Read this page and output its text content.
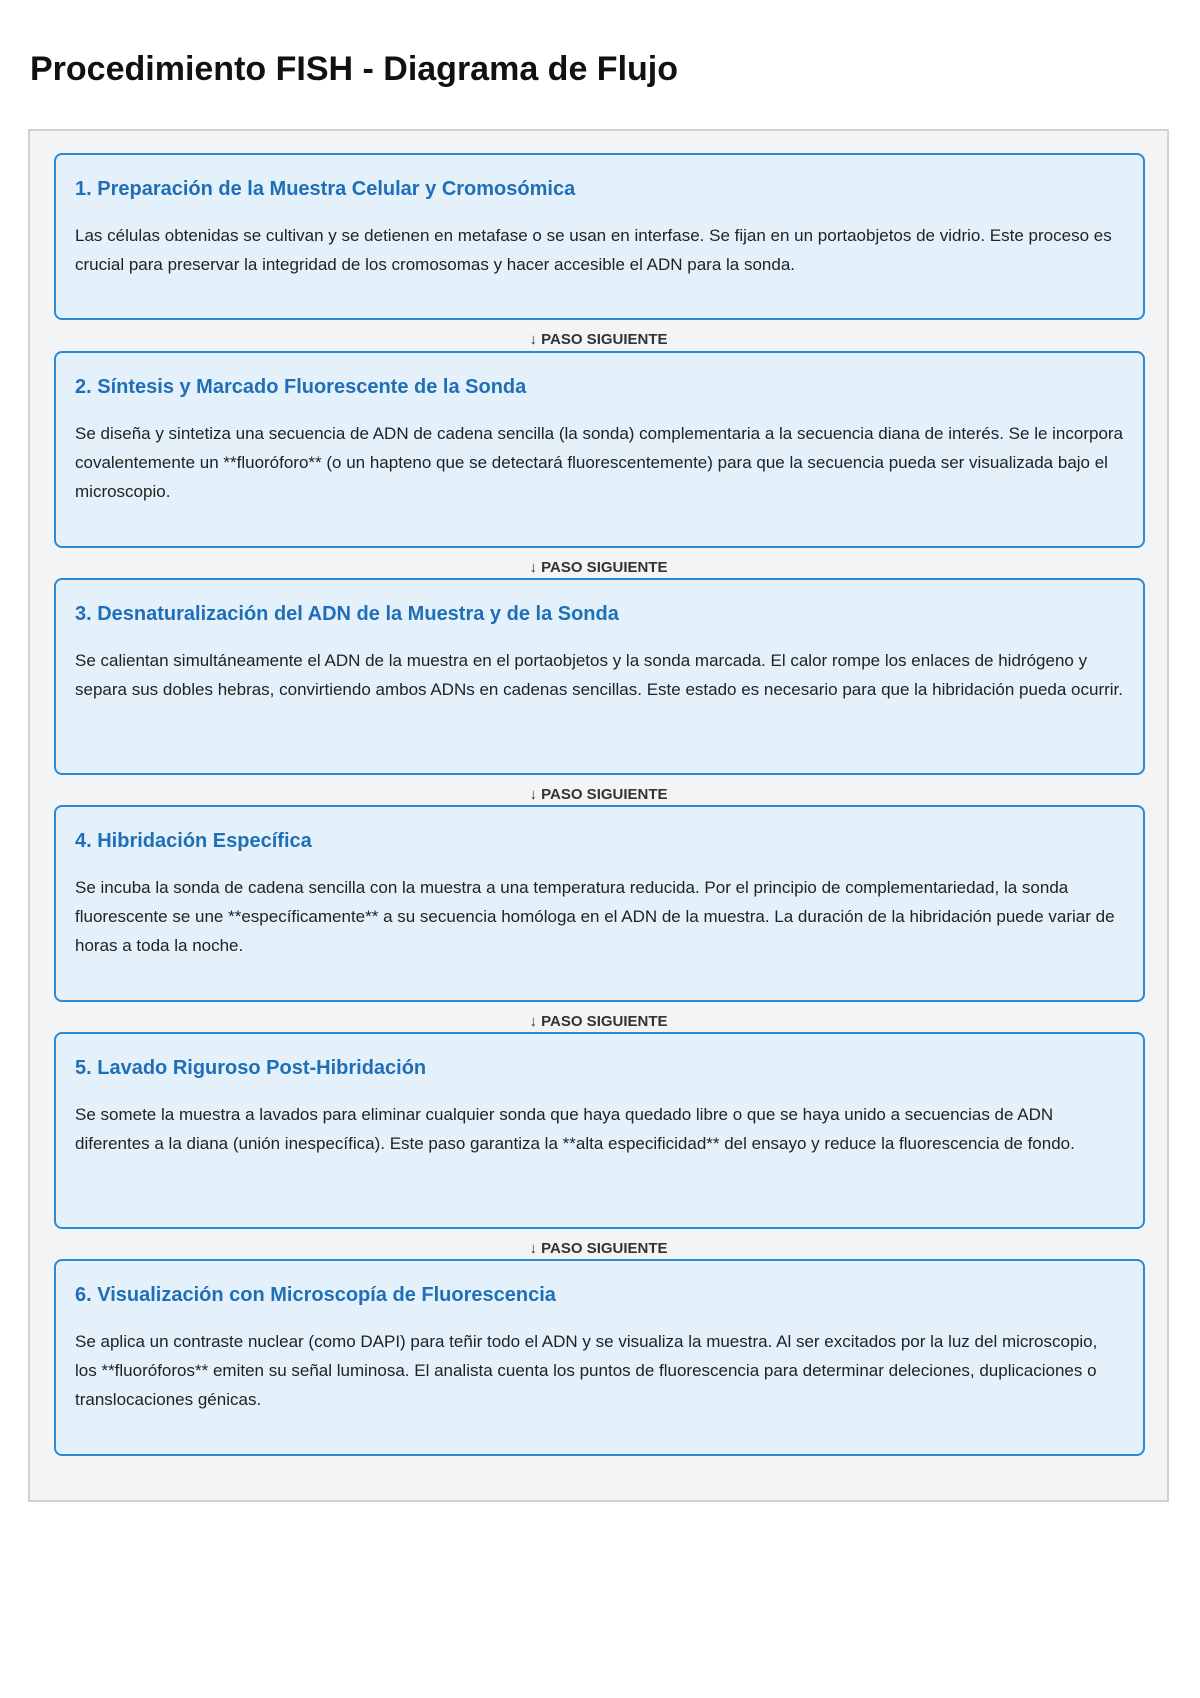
Procedimiento FISH - Diagrama de Flujo
1. Preparación de la Muestra Celular y Cromosómica

Las células obtenidas se cultivan y se detienen en metafase o se usan en interfase. Se fijan en un portaobjetos de vidrio. Este proceso es crucial para preservar la integridad de los cromosomas y hacer accesible el ADN para la sonda.

↓ PASO SIGUIENTE
2. Síntesis y Marcado Fluorescente de la Sonda

Se diseña y sintetiza una secuencia de ADN de cadena sencilla (la sonda) complementaria a la secuencia diana de interés. Se le incorpora covalentemente un **fluoróforo** (o un hapteno que se detectará fluorescentemente) para que la secuencia pueda ser visualizada bajo el microscopio.

↓ PASO SIGUIENTE
3. Desnaturalización del ADN de la Muestra y de la Sonda

Se calientan simultáneamente el ADN de la muestra en el portaobjetos y la sonda marcada. El calor rompe los enlaces de hidrógeno y separa sus dobles hebras, convirtiendo ambos ADNs en cadenas sencillas. Este estado es necesario para que la hibridación pueda ocurrir.

↓ PASO SIGUIENTE
4. Hibridación Específica

Se incuba la sonda de cadena sencilla con la muestra a una temperatura reducida. Por el principio de complementariedad, la sonda fluorescente se une **específicamente** a su secuencia homóloga en el ADN de la muestra. La duración de la hibridación puede variar de horas a toda la noche.

↓ PASO SIGUIENTE
5. Lavado Riguroso Post-Hibridación

Se somete la muestra a lavados para eliminar cualquier sonda que haya quedado libre o que se haya unido a secuencias de ADN diferentes a la diana (unión inespecífica). Este paso garantiza la **alta especificidad** del ensayo y reduce la fluorescencia de fondo.

↓ PASO SIGUIENTE
6. Visualización con Microscopía de Fluorescencia

Se aplica un contraste nuclear (como DAPI) para teñir todo el ADN y se visualiza la muestra. Al ser excitados por la luz del microscopio, los **fluoróforos** emiten su señal luminosa. El analista cuenta los puntos de fluorescencia para determinar deleciones, duplicaciones o translocaciones génicas.
